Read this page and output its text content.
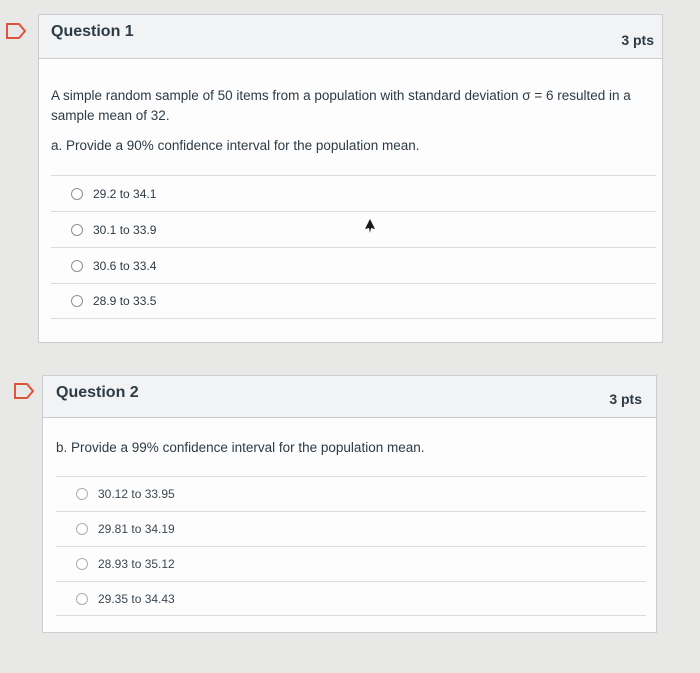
Question 1	3 pts
A simple random sample of 50 items from a population with standard deviation σ = 6 resulted in a
sample mean of 32.
a. Provide a 90% confidence interval for the population mean.
29.2 to 34.1
30.1 to 33.9
30.6 to 33.4
28.9 to 33.5
Question 2	3 pts
b. Provide a 99% confidence interval for the population mean.
30.12 to 33.95
29.81 to 34.19
28.93 to 35.12
29.35 to 34.43
